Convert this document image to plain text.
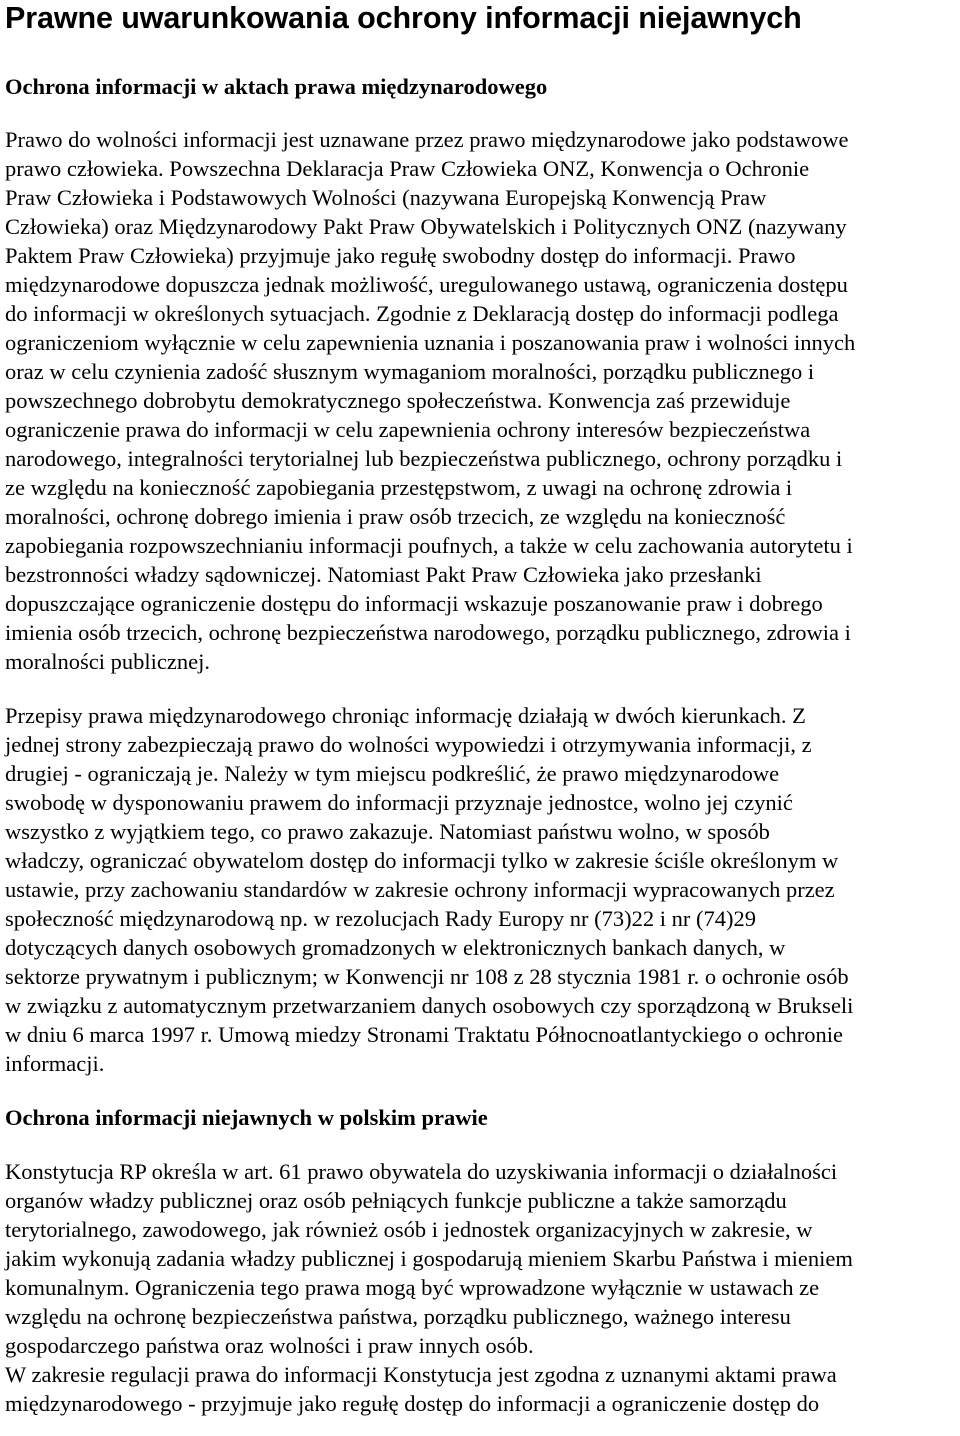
Prawne uwarunkowania ochrony informacji niejawnych
Ochrona informacji w aktach prawa międzynarodowego

Prawo do wolności informacji jest uznawane przez prawo międzynarodowe jako podstawowe
prawo człowieka. Powszechna Deklaracja Praw Człowieka ONZ, Konwencja o Ochronie
Praw Człowieka i Podstawowych Wolności (nazywana Europejską Konwencją Praw
Człowieka) oraz Międzynarodowy Pakt Praw Obywatelskich i Politycznych ONZ (nazywany
Paktem Praw Człowieka) przyjmuje jako regułę swobodny dostęp do informacji. Prawo
międzynarodowe dopuszcza jednak możliwość, uregulowanego ustawą, ograniczenia dostępu
do informacji w określonych sytuacjach. Zgodnie z Deklaracją dostęp do informacji podlega
ograniczeniom wyłącznie w celu zapewnienia uznania i poszanowania praw i wolności innych
oraz w celu czynienia zadość słusznym wymaganiom moralności, porządku publicznego i
powszechnego dobrobytu demokratycznego społeczeństwa. Konwencja zaś przewiduje
ograniczenie prawa do informacji w celu zapewnienia ochrony interesów bezpieczeństwa
narodowego, integralności terytorialnej lub bezpieczeństwa publicznego, ochrony porządku i
ze względu na konieczność zapobiegania przestępstwom, z uwagi na ochronę zdrowia i
moralności, ochronę dobrego imienia i praw osób trzecich, ze względu na konieczność
zapobiegania rozpowszechnianiu informacji poufnych, a także w celu zachowania autorytetu i
bezstronności władzy sądowniczej. Natomiast Pakt Praw Człowieka jako przesłanki
dopuszczające ograniczenie dostępu do informacji wskazuje poszanowanie praw i dobrego
imienia osób trzecich, ochronę bezpieczeństwa narodowego, porządku publicznego, zdrowia i
moralności publicznej.

Przepisy prawa międzynarodowego chroniąc informację działają w dwóch kierunkach. Z
jednej strony zabezpieczają prawo do wolności wypowiedzi i otrzymywania informacji, z
drugiej - ograniczają je. Należy w tym miejscu podkreślić, że prawo międzynarodowe
swobodę w dysponowaniu prawem do informacji przyznaje jednostce, wolno jej czynić
wszystko z wyjątkiem tego, co prawo zakazuje. Natomiast państwu wolno, w sposób
władczy, ograniczać obywatelom dostęp do informacji tylko w zakresie ściśle określonym w
ustawie, przy zachowaniu standardów w zakresie ochrony informacji wypracowanych przez
społeczność międzynarodową np. w rezolucjach Rady Europy nr (73)22 i nr (74)29
dotyczących danych osobowych gromadzonych w elektronicznych bankach danych, w
sektorze prywatnym i publicznym; w Konwencji nr 108 z 28 stycznia 1981 r. o ochronie osób
w związku z automatycznym przetwarzaniem danych osobowych czy sporządzoną w Brukseli
w dniu 6 marca 1997 r. Umową miedzy Stronami Traktatu Północnoatlantyckiego o ochronie
informacji.

Ochrona informacji niejawnych w polskim prawie

Konstytucja RP określa w art. 61 prawo obywatela do uzyskiwania informacji o działalności
organów władzy publicznej oraz osób pełniących funkcje publiczne a także samorządu
terytorialnego, zawodowego, jak również osób i jednostek organizacyjnych w zakresie, w
jakim wykonują zadania władzy publicznej i gospodarują mieniem Skarbu Państwa i mieniem
komunalnym. Ograniczenia tego prawa mogą być wprowadzone wyłącznie w ustawach ze
względu na ochronę bezpieczeństwa państwa, porządku publicznego, ważnego interesu
gospodarczego państwa oraz wolności i praw innych osób.

W zakresie regulacji prawa do informacji Konstytucja jest zgodna z uznanymi aktami prawa
międzynarodowego - przyjmuje jako regułę dostęp do informacji a ograniczenie dostęp do
